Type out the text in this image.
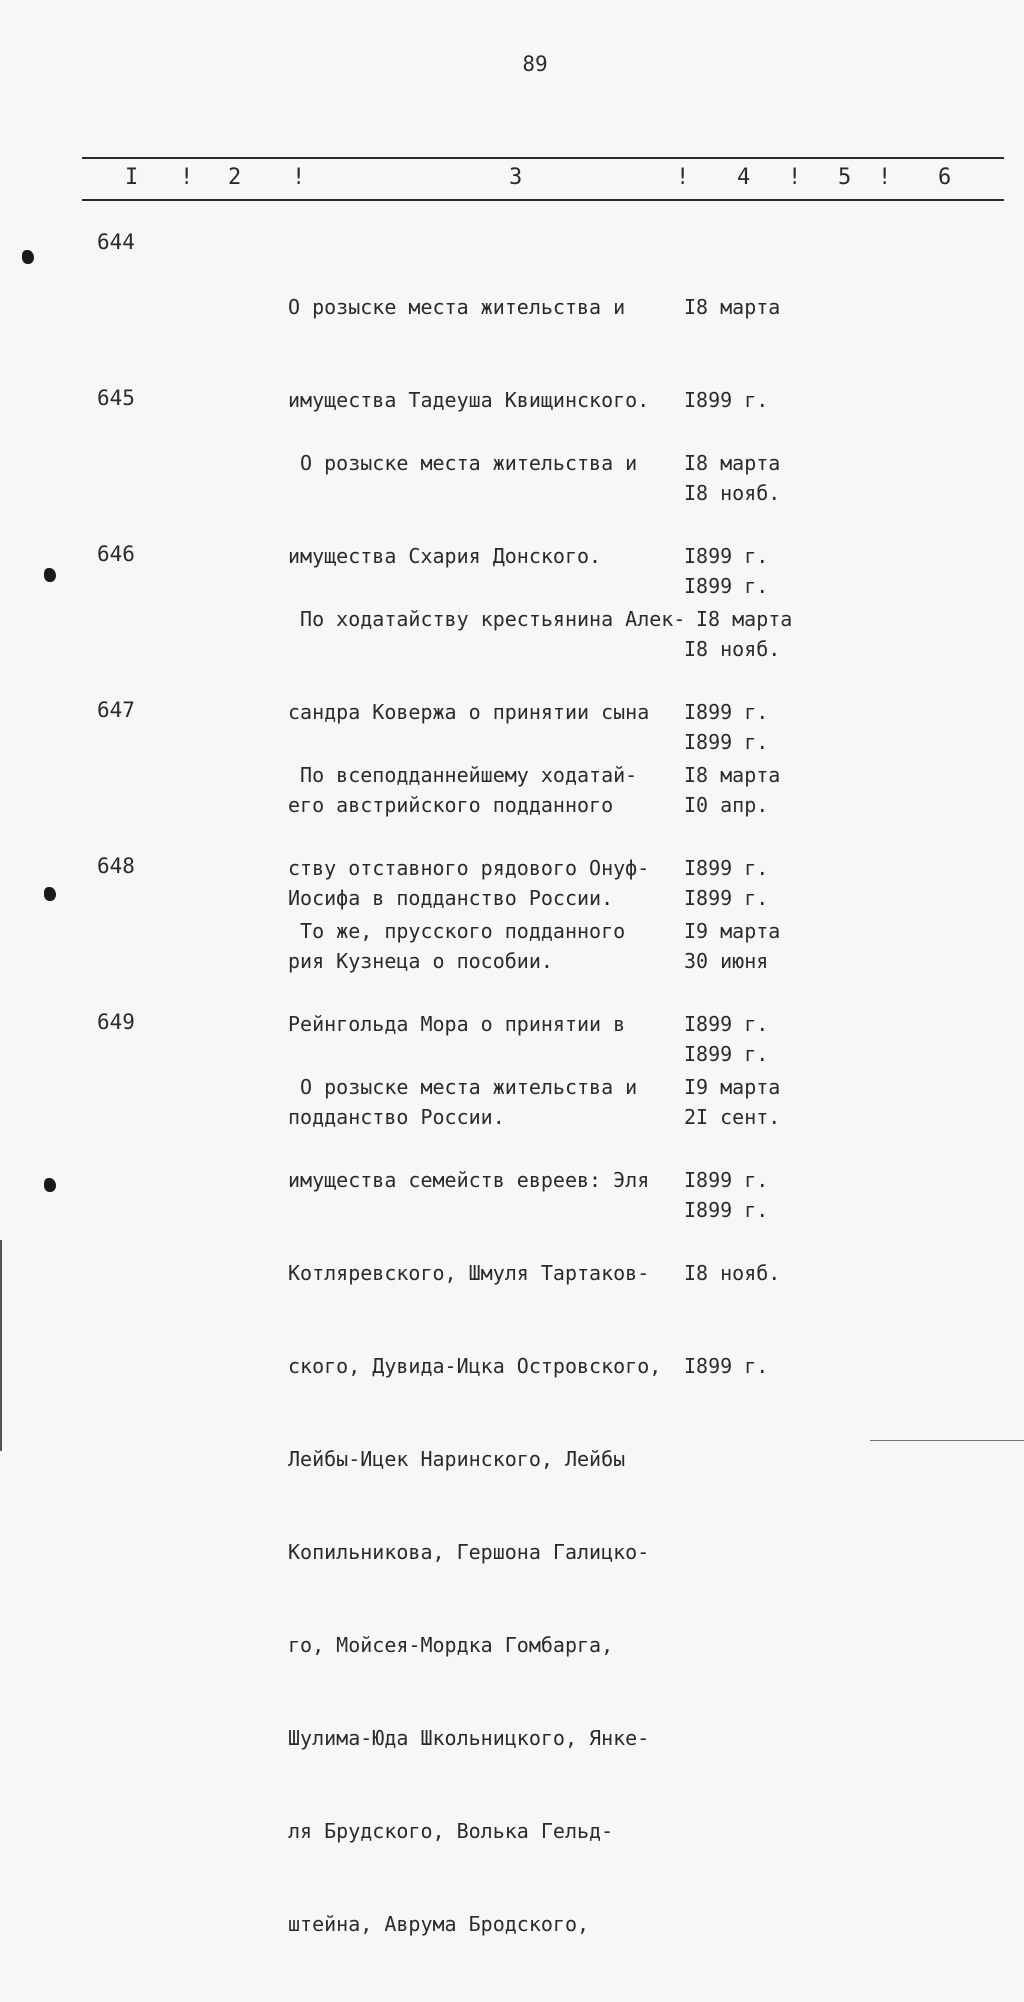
89
I ! 2 !	3	! 4 ! 5 ! 6
644

О розыске места жительства и

имущества Тадеуша Квищинского.

I8 марта

I899 г.

I8 нояб.

I899 г.

645

О розыске места жительства и

имущества Схария Донского.

I8 марта

I899 г.

I8 нояб.

I899 г.

646

По ходатайству крестьянина Алек-

сандра Ковержа о принятии сына

его австрийского подданного

Иосифа в подданство России.

I8 марта

I899 г.

I0 апр.

I899 г.

647

По всеподданнейшему ходатай-

ству отставного рядового Онуф-

рия Кузнеца о пособии.

I8 марта

I899 г.

30 июня

I899 г.

648

То же, прусского подданного

Рейнгольда Мора о принятии в

подданство России.

I9 марта

I899 г.

2I сент.

I899 г.

649

О розыске места жительства и

имущества семейств евреев: Эля

Котляревского, Шмуля Тартаков-

ского, Дувида-Ицка Островского,

Лейбы-Ицек Наринского, Лейбы

Копильникова, Гершона Галицко-

го, Мойсея-Мордка Гомбарга,

Шулима-Юда Школьницкого, Янке-

ля Брудского, Волька Гельд-

штейна, Аврума Бродского,

I9 марта

I899 г.

I8 нояб.

I899 г.
